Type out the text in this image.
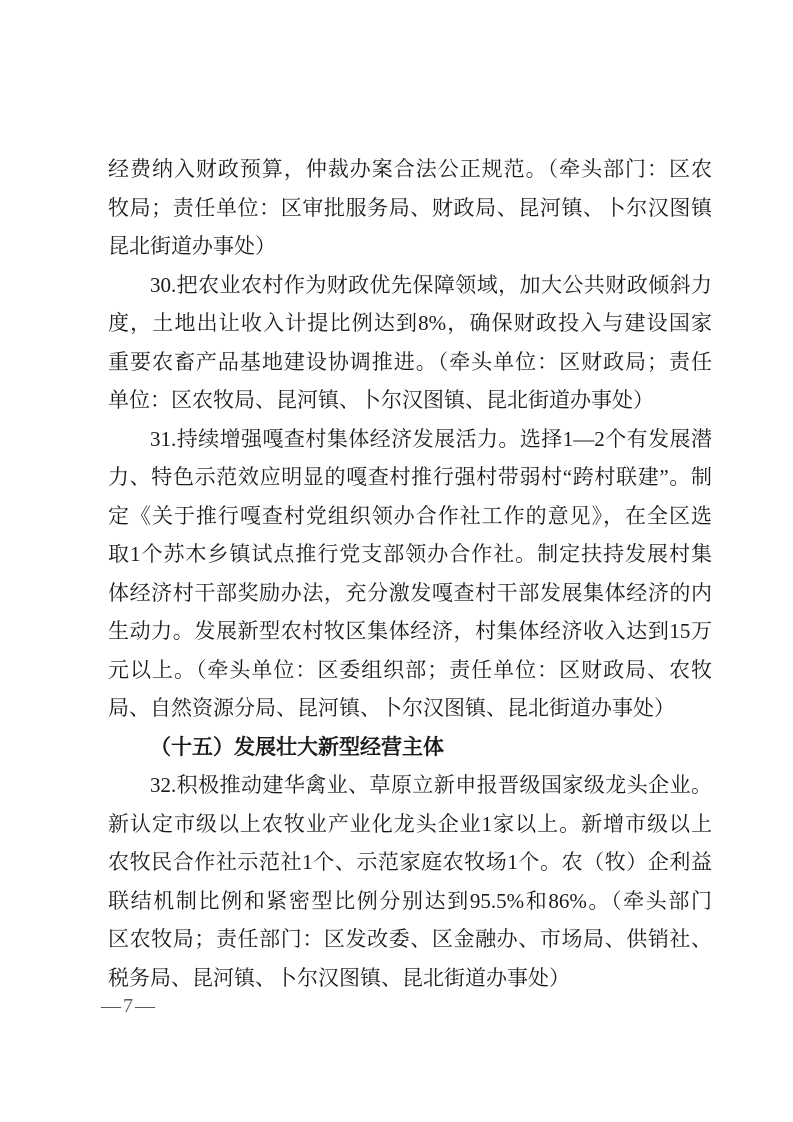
经费纳入财政预算，仲裁办案合法公正规范。（牵头部门：区农
牧局；责任单位：区审批服务局、财政局、昆河镇、卜尔汉图镇
昆北街道办事处）
30.把农业农村作为财政优先保障领域，加大公共财政倾斜力
度，土地出让收入计提比例达到8%，确保财政投入与建设国家
重要农畜产品基地建设协调推进。（牵头单位：区财政局；责任
单位：区农牧局、昆河镇、卜尔汉图镇、昆北街道办事处）
31.持续增强嘎查村集体经济发展活力。选择1—2个有发展潜
力、特色示范效应明显的嘎查村推行强村带弱村“跨村联建”。制
定《关于推行嘎查村党组织领办合作社工作的意见》，在全区选
取1个苏木乡镇试点推行党支部领办合作社。制定扶持发展村集
体经济村干部奖励办法，充分激发嘎查村干部发展集体经济的内
生动力。发展新型农村牧区集体经济，村集体经济收入达到15万
元以上。（牵头单位：区委组织部；责任单位：区财政局、农牧
局、自然资源分局、昆河镇、卜尔汉图镇、昆北街道办事处）
（十五）发展壮大新型经营主体
32.积极推动建华禽业、草原立新申报晋级国家级龙头企业。
新认定市级以上农牧业产业化龙头企业1家以上。新增市级以上
农牧民合作社示范社1个、示范家庭农牧场1个。农（牧）企利益
联结机制比例和紧密型比例分别达到95.5%和86%。（牵头部门
区农牧局；责任部门：区发改委、区金融办、市场局、供销社、
税务局、昆河镇、卜尔汉图镇、昆北街道办事处）
—7—
